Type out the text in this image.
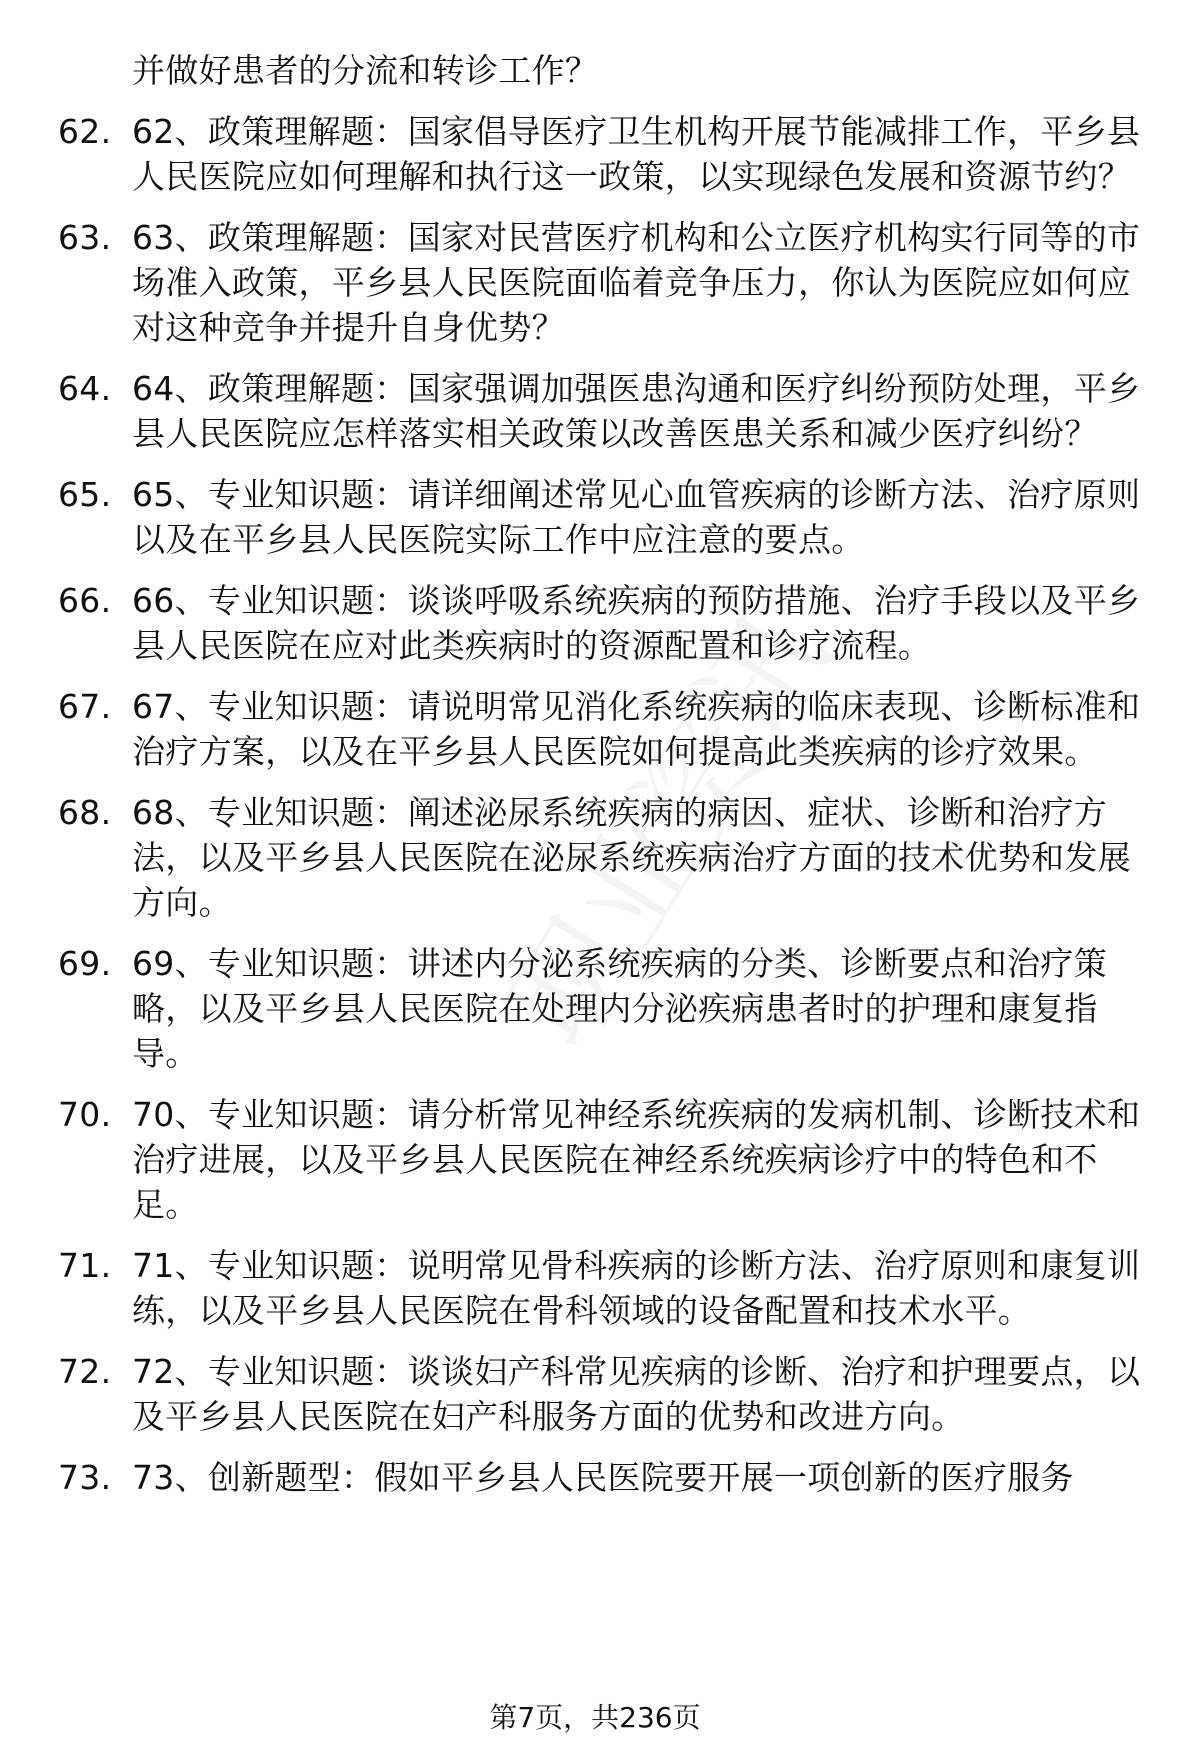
并做好患者的分流和转诊工作？
62. 62、政策理解题：国家倡导医疗卫生机构开展节能减排工作，平乡县人民医院应如何理解和执行这一政策，以实现绿色发展和资源节约？
63. 63、政策理解题：国家对民营医疗机构和公立医疗机构实行同等的市场准入政策，平乡县人民医院面临着竞争压力，你认为医院应如何应对这种竞争并提升自身优势？
64. 64、政策理解题：国家强调加强医患沟通和医疗纠纷预防处理，平乡县人民医院应怎样落实相关政策以改善医患关系和减少医疗纠纷？
65. 65、专业知识题：请详细阐述常见心血管疾病的诊断方法、治疗原则以及在平乡县人民医院实际工作中应注意的要点。
66. 66、专业知识题：谈谈呼吸系统疾病的预防措施、治疗手段以及平乡县人民医院在应对此类疾病时的资源配置和诊疗流程。
67. 67、专业知识题：请说明常见消化系统疾病的临床表现、诊断标准和治疗方案，以及在平乡县人民医院如何提高此类疾病的诊疗效果。
68. 68、专业知识题：阐述泌尿系统疾病的病因、症状、诊断和治疗方法，以及平乡县人民医院在泌尿系统疾病治疗方面的技术优势和发展方向。
69. 69、专业知识题：讲述内分泌系统疾病的分类、诊断要点和治疗策略，以及平乡县人民医院在处理内分泌疾病患者时的护理和康复指导。
70. 70、专业知识题：请分析常见神经系统疾病的发病机制、诊断技术和治疗进展，以及平乡县人民医院在神经系统疾病诊疗中的特色和不足。
71. 71、专业知识题：说明常见骨科疾病的诊断方法、治疗原则和康复训练，以及平乡县人民医院在骨科领域的设备配置和技术水平。
72. 72、专业知识题：谈谈妇产科常见疾病的诊断、治疗和护理要点，以及平乡县人民医院在妇产科服务方面的优势和改进方向。
73. 73、创新题型：假如平乡县人民医院要开展一项创新的医疗服务
第7页，共236页
